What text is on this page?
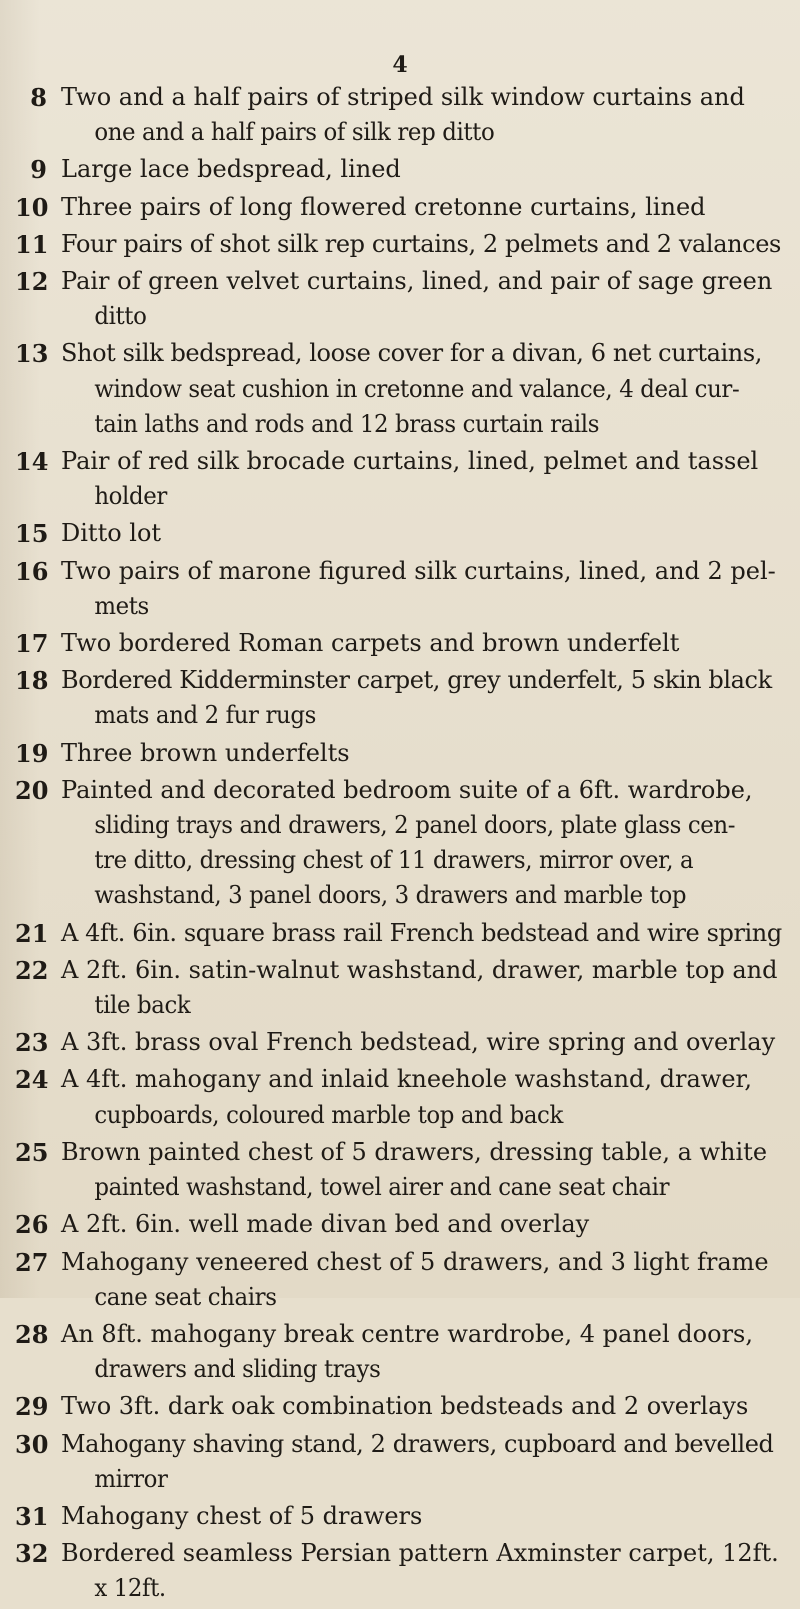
4
8 Two and a half pairs of striped silk window curtains and
one and a half pairs of silk rep ditto
9 Large lace bedspread, lined
10 Three pairs of long flowered cretonne curtains, lined
11 Four pairs of shot silk rep curtains, 2 pelmets and 2 valances
12 Pair of green velvet curtains, lined, and pair of sage green
ditto
13 Shot silk bedspread, loose cover for a divan, 6 net curtains,
window seat cushion in cretonne and valance, 4 deal cur-
tain laths and rods and 12 brass curtain rails
14 Pair of red silk brocade curtains, lined, pelmet and tassel
holder
15 Ditto lot
16 Two pairs of marone figured silk curtains, lined, and 2 pel-
mets
17 Two bordered Roman carpets and brown underfelt
18 Bordered Kidderminster carpet, grey underfelt, 5 skin black
mats and 2 fur rugs
19 Three brown underfelts
20 Painted and decorated bedroom suite of a 6ft. wardrobe,
sliding trays and drawers, 2 panel doors, plate glass cen-
tre ditto, dressing chest of 11 drawers, mirror over, a
washstand, 3 panel doors, 3 drawers and marble top
21 A 4ft. 6in. square brass rail French bedstead and wire spring
22 A 2ft. 6in. satin-walnut washstand, drawer, marble top and
tile back
23 A 3ft. brass oval French bedstead, wire spring and overlay
24 A 4ft. mahogany and inlaid kneehole washstand, drawer,
cupboards, coloured marble top and back
25 Brown painted chest of 5 drawers, dressing table, a white
painted washstand, towel airer and cane seat chair
26 A 2ft. 6in. well made divan bed and overlay
27 Mahogany veneered chest of 5 drawers, and 3 light frame
cane seat chairs
28 An 8ft. mahogany break centre wardrobe, 4 panel doors,
drawers and sliding trays
29 Two 3ft. dark oak combination bedsteads and 2 overlays
30 Mahogany shaving stand, 2 drawers, cupboard and bevelled
mirror
31 Mahogany chest of 5 drawers
32 Bordered seamless Persian pattern Axminster carpet, 12ft.
x 12ft.
